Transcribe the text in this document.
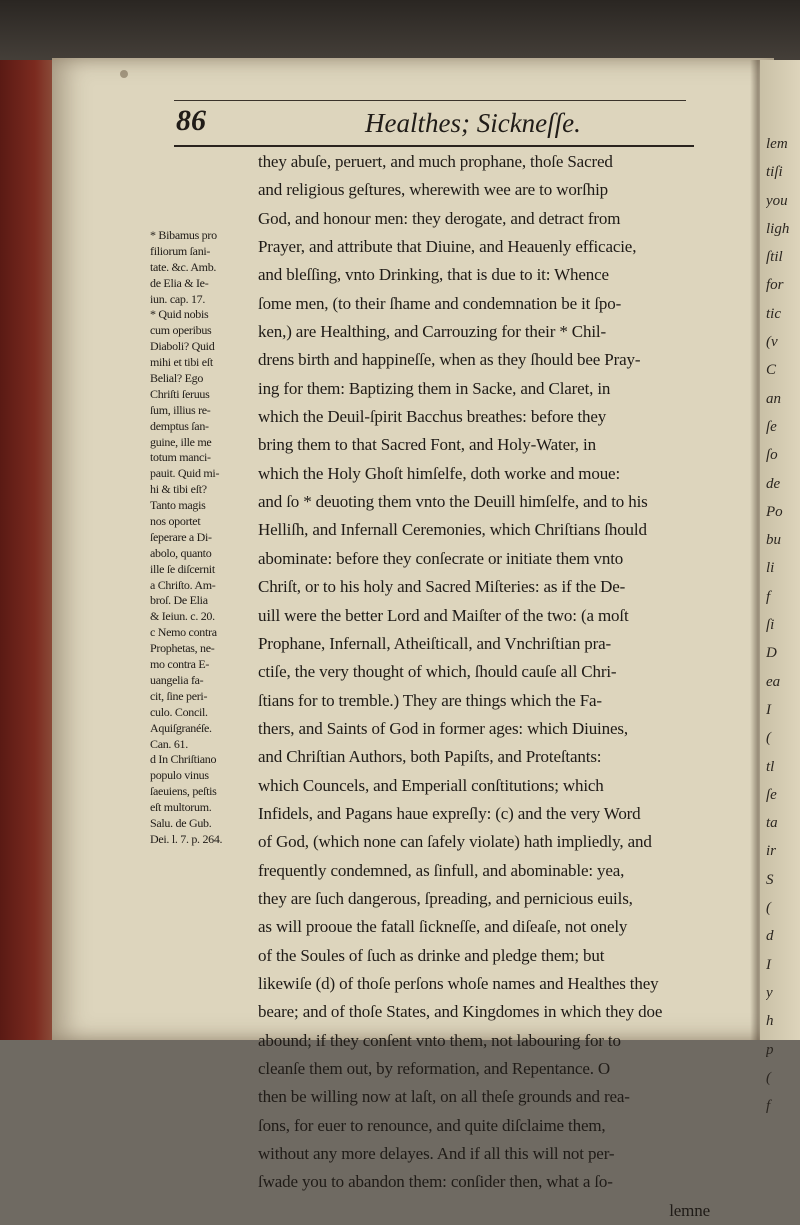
lem
tiſi
you
ligh
ſtil
for
tic
(v
C
an
ſe
ſo
de
Po
bu
li
f
ſi
D
ea
I
(
tl
ſe
ta
ir
S
(
d
I
y
h
p
(
f

86	Healthes; Sickneſſe.

they abuſe, peruert, and much prophane, thoſe Sacred
and religious geſtures, wherewith wee are to worſhip
God, and honour men: they derogate, and detract from
Prayer, and attribute that Diuine, and Heauenly efficacie,
and bleſſing, vnto Drinking, that is due to it: Whence
ſome men, (to their ſhame and condemnation be it ſpo-
ken,) are Healthing, and Carrouzing for their * Chil-
drens birth and happineſſe, when as they ſhould bee Pray-
ing for them: Baptizing them in Sacke, and Claret, in
which the Deuil-ſpirit Bacchus breathes: before they
bring them to that Sacred Font, and Holy-Water, in
which the Holy Ghoſt himſelfe, doth worke and moue:
and ſo * deuoting them vnto the Deuill himſelfe, and to his
Helliſh, and Infernall Ceremonies, which Chriſtians ſhould
abominate: before they conſecrate or initiate them vnto
Chriſt, or to his holy and Sacred Miſteries: as if the De-
uill were the better Lord and Maiſter of the two: (a moſt
Prophane, Infernall, Atheiſticall, and Vnchriſtian pra-
ctiſe, the very thought of which, ſhould cauſe all Chri-
ſtians for to tremble.) They are things which the Fa-
thers, and Saints of God in former ages: which Diuines,
and Chriſtian Authors, both Papiſts, and Proteſtants:
which Councels, and Emperiall conſtitutions; which
Infidels, and Pagans haue expreſly: (c) and the very Word
of God, (which none can ſafely violate) hath impliedly, and
frequently condemned, as ſinfull, and abominable: yea,
they are ſuch dangerous, ſpreading, and pernicious euils,
as will prooue the fatall ſickneſſe, and diſeaſe, not onely
of the Soules of ſuch as drinke and pledge them; but
likewiſe (d) of thoſe perſons whoſe names and Healthes they
beare; and of thoſe States, and Kingdomes in which they doe
abound; if they conſent vnto them, not labouring for to
cleanſe them out, by reformation, and Repentance. O
then be willing now at laſt, on all theſe grounds and rea-
ſons, for euer to renounce, and quite diſclaime them,
without any more delayes. And if all this will not per-
ſwade you to abandon them: conſider then, what a ſo-
lemne
* Bibamus pro
filiorum ſani-
tate. &c. Amb.
de Elia & Ie-
iun. cap. 17.
* Quid nobis
cum operibus
Diaboli? Quid
mihi et tibi eſt
Belial? Ego
Chriſti ſeruus
ſum, illius re-
demptus ſan-
guine, ille me
totum manci-
pauit. Quid mi-
hi & tibi eſt?
Tanto magis
nos oportet
ſeperare a Di-
abolo, quanto
ille ſe diſcernit
a Chriſto. Am-
broſ. De Elia
& Ieiun. c. 20.
c Nemo contra
Prophetas, ne-
mo contra E-
uangelia fa-
cit, ſine peri-
culo. Concil.
Aquiſgranéſe.
Can. 61.
d In Chriſtiano
populo vinus
ſaeuiens, peſtis
eſt multorum.
Salu. de Gub.
Dei. l. 7. p. 264.
